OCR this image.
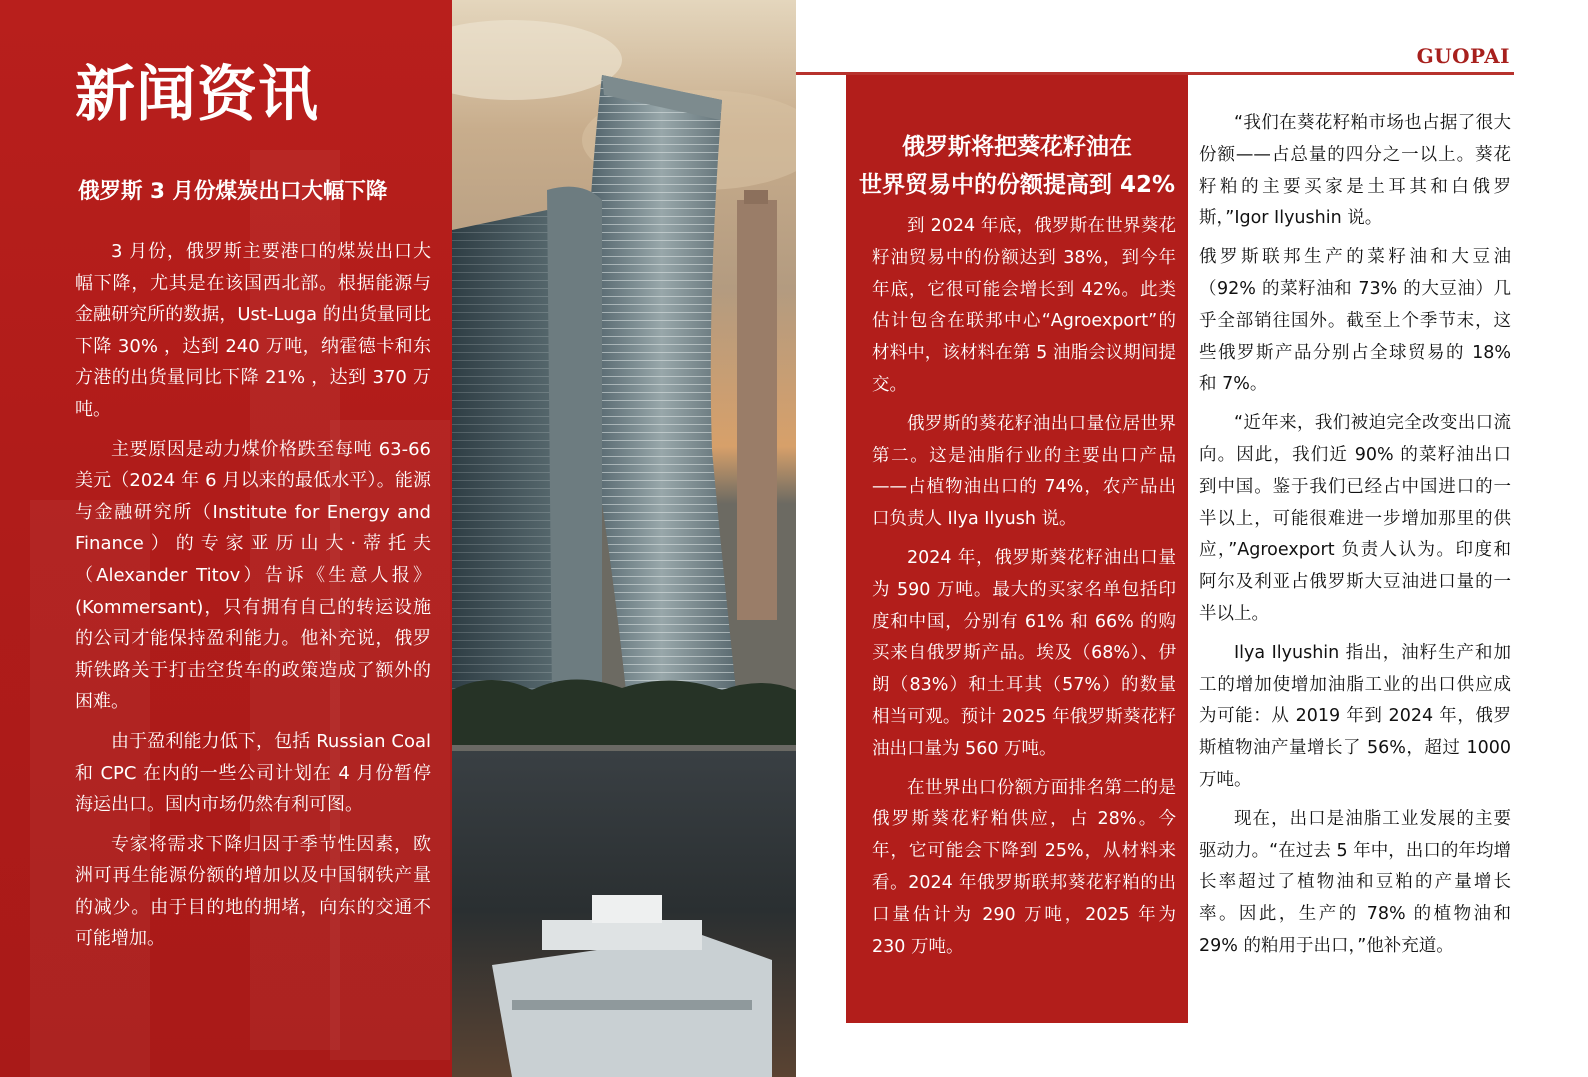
新闻资讯
俄罗斯 3 月份煤炭出口大幅下降

3 月份，俄罗斯主要港口的煤炭出口大幅下降，尤其是在该国西北部。根据能源与金融研究所的数据，Ust-Luga 的出货量同比下降 30% ，达到 240 万吨，纳霍德卡和东方港的出货量同比下降 21% ，达到 370 万吨。

主要原因是动力煤价格跌至每吨 63-66 美元（2024 年 6 月以来的最低水平）。能源与金融研究所（Institute for Energy and Finance）的专家亚历山大·蒂托夫（Alexander Titov）告诉《生意人报》(Kommersant)，只有拥有自己的转运设施的公司才能保持盈利能力。他补充说，俄罗斯铁路关于打击空货车的政策造成了额外的困难。

由于盈利能力低下，包括 Russian Coal 和 CPC 在内的一些公司计划在 4 月份暂停海运出口。国内市场仍然有利可图。

专家将需求下降归因于季节性因素，欧洲可再生能源份额的增加以及中国钢铁产量的减少。由于目的地的拥堵，向东的交通不可能增加。

GUOPAI
俄罗斯将把葵花籽油在
世界贸易中的份额提高到 42%

到 2024 年底，俄罗斯在世界葵花籽油贸易中的份额达到 38%，到今年年底，它很可能会增长到 42%。此类估计包含在联邦中心“Agroexport”的材料中，该材料在第 5 油脂会议期间提交。

俄罗斯的葵花籽油出口量位居世界第二。这是油脂行业的主要出口产品——占植物油出口的 74%，农产品出口负责人 Ilya Ilyush 说。

2024 年，俄罗斯葵花籽油出口量为 590 万吨。最大的买家名单包括印度和中国，分别有 61% 和 66% 的购买来自俄罗斯产品。埃及（68%）、伊朗（83%）和土耳其（57%）的数量相当可观。预计 2025 年俄罗斯葵花籽油出口量为 560 万吨。

在世界出口份额方面排名第二的是俄罗斯葵花籽粕供应，占 28%。今年，它可能会下降到 25%，从材料来看。2024 年俄罗斯联邦葵花籽粕的出口量估计为 290 万吨，2025 年为 230 万吨。

“我们在葵花籽粕市场也占据了很大份额——占总量的四分之一以上。葵花籽粕的主要买家是土耳其和白俄罗斯，”Igor Ilyushin 说。

俄罗斯联邦生产的菜籽油和大豆油（92% 的菜籽油和 73% 的大豆油）几乎全部销往国外。截至上个季节末，这些俄罗斯产品分别占全球贸易的 18% 和 7%。

“近年来，我们被迫完全改变出口流向。因此，我们近 90% 的菜籽油出口到中国。鉴于我们已经占中国进口的一半以上，可能很难进一步增加那里的供应，”Agroexport 负责人认为。印度和阿尔及利亚占俄罗斯大豆油进口量的一半以上。

Ilya Ilyushin 指出，油籽生产和加工的增加使增加油脂工业的出口供应成为可能：从 2019 年到 2024 年，俄罗斯植物油产量增长了 56%，超过 1000 万吨。

现在，出口是油脂工业发展的主要驱动力。“在过去 5 年中，出口的年均增长率超过了植物油和豆粕的产量增长率。因此，生产的 78% 的植物油和 29% 的粕用于出口，”他补充道。
